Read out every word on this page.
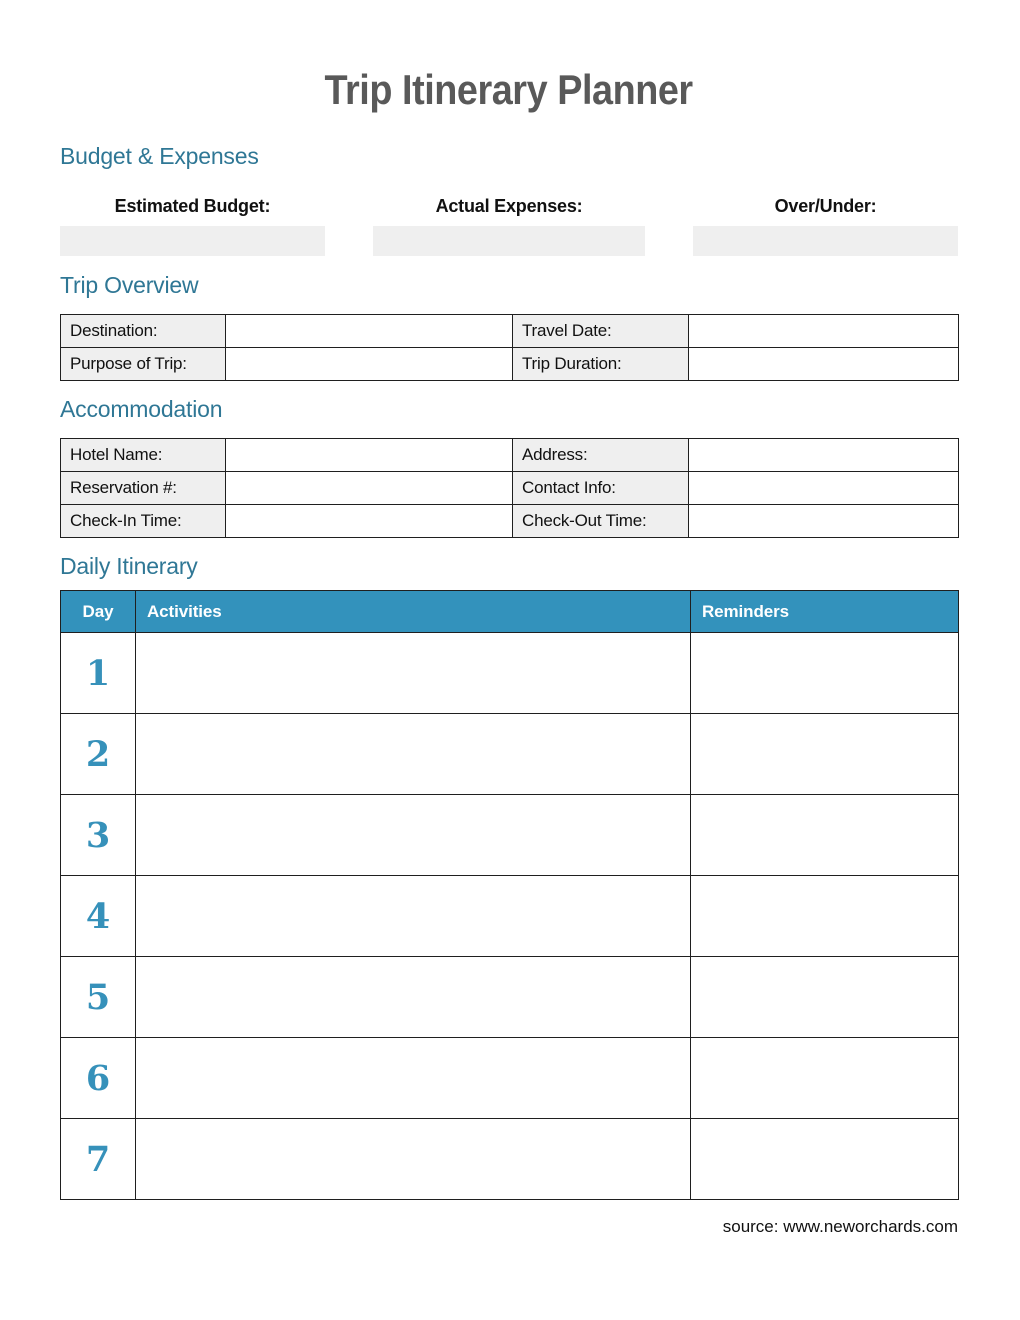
Trip Itinerary Planner
Budget & Expenses
Estimated Budget:	Actual Expenses:	Over/Under:
Trip Overview
Destination:		Travel Date:	
Purpose of Trip:		Trip Duration:	
Accommodation
Hotel Name:		Address:	
Reservation #:		Contact Info:	
Check-In Time:		Check-Out Time:	
Daily Itinerary
Day	Activities	Reminders
1		
2		
3		
4		
5		
6		
7		
source: www.neworchards.com
